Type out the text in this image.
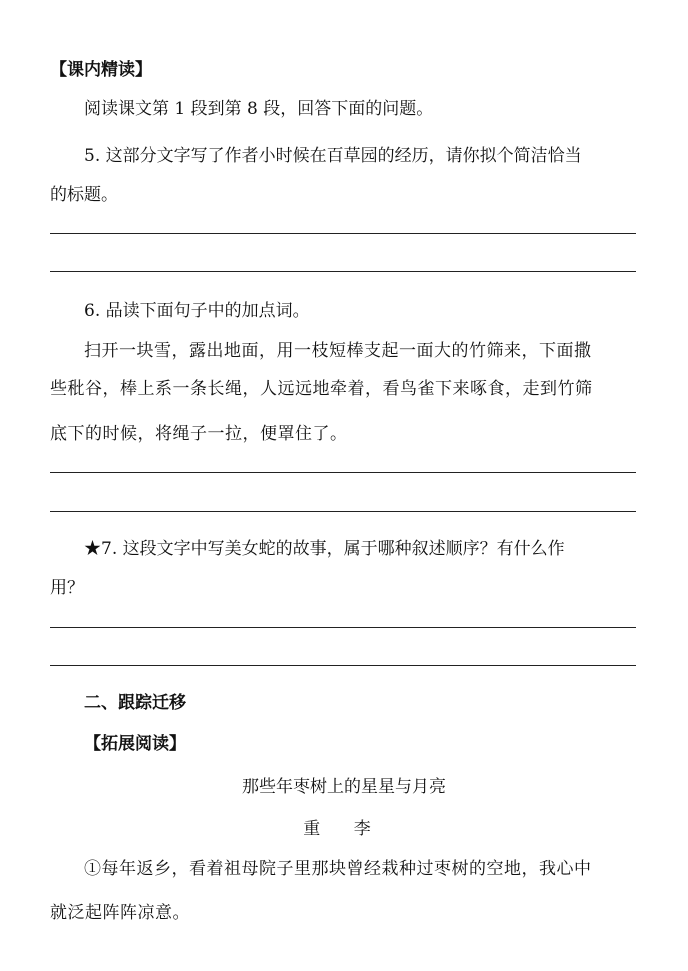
【课内精读】
阅读课文第 1 段到第 8 段，回答下面的问题。
5. 这部分文字写了作者小时候在百草园的经历，请你拟个简洁恰当
的标题。
6. 品读下面句子中的加点词。
扫开一块雪，露出地面，用一枝短棒支起一面大的竹筛来，下面撒
些秕谷，棒上系一条长绳，人远远地牵着，看鸟雀下来啄食，走到竹筛
底下的时候，将绳子一拉，便罩住了。
★7. 这段文字中写美女蛇的故事，属于哪种叙述顺序？有什么作
用？
二、跟踪迁移
【拓展阅读】
那些年枣树上的星星与月亮
重 李
①每年返乡，看着祖母院子里那块曾经栽种过枣树的空地，我心中
就泛起阵阵凉意。
